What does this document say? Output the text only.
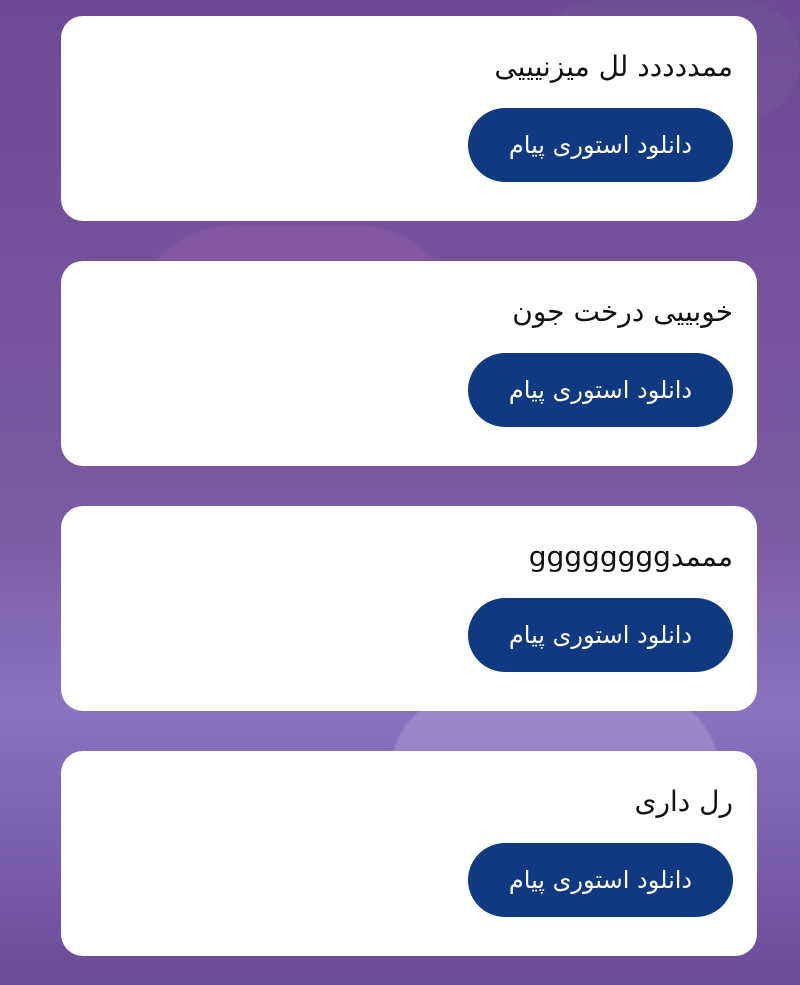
ممددددد لل میزنیییی
دانلود استوری پیام
خوبییی درخت جون
دانلود استوری پیام
مممدgggggggg
دانلود استوری پیام
رل داری
دانلود استوری پیام
